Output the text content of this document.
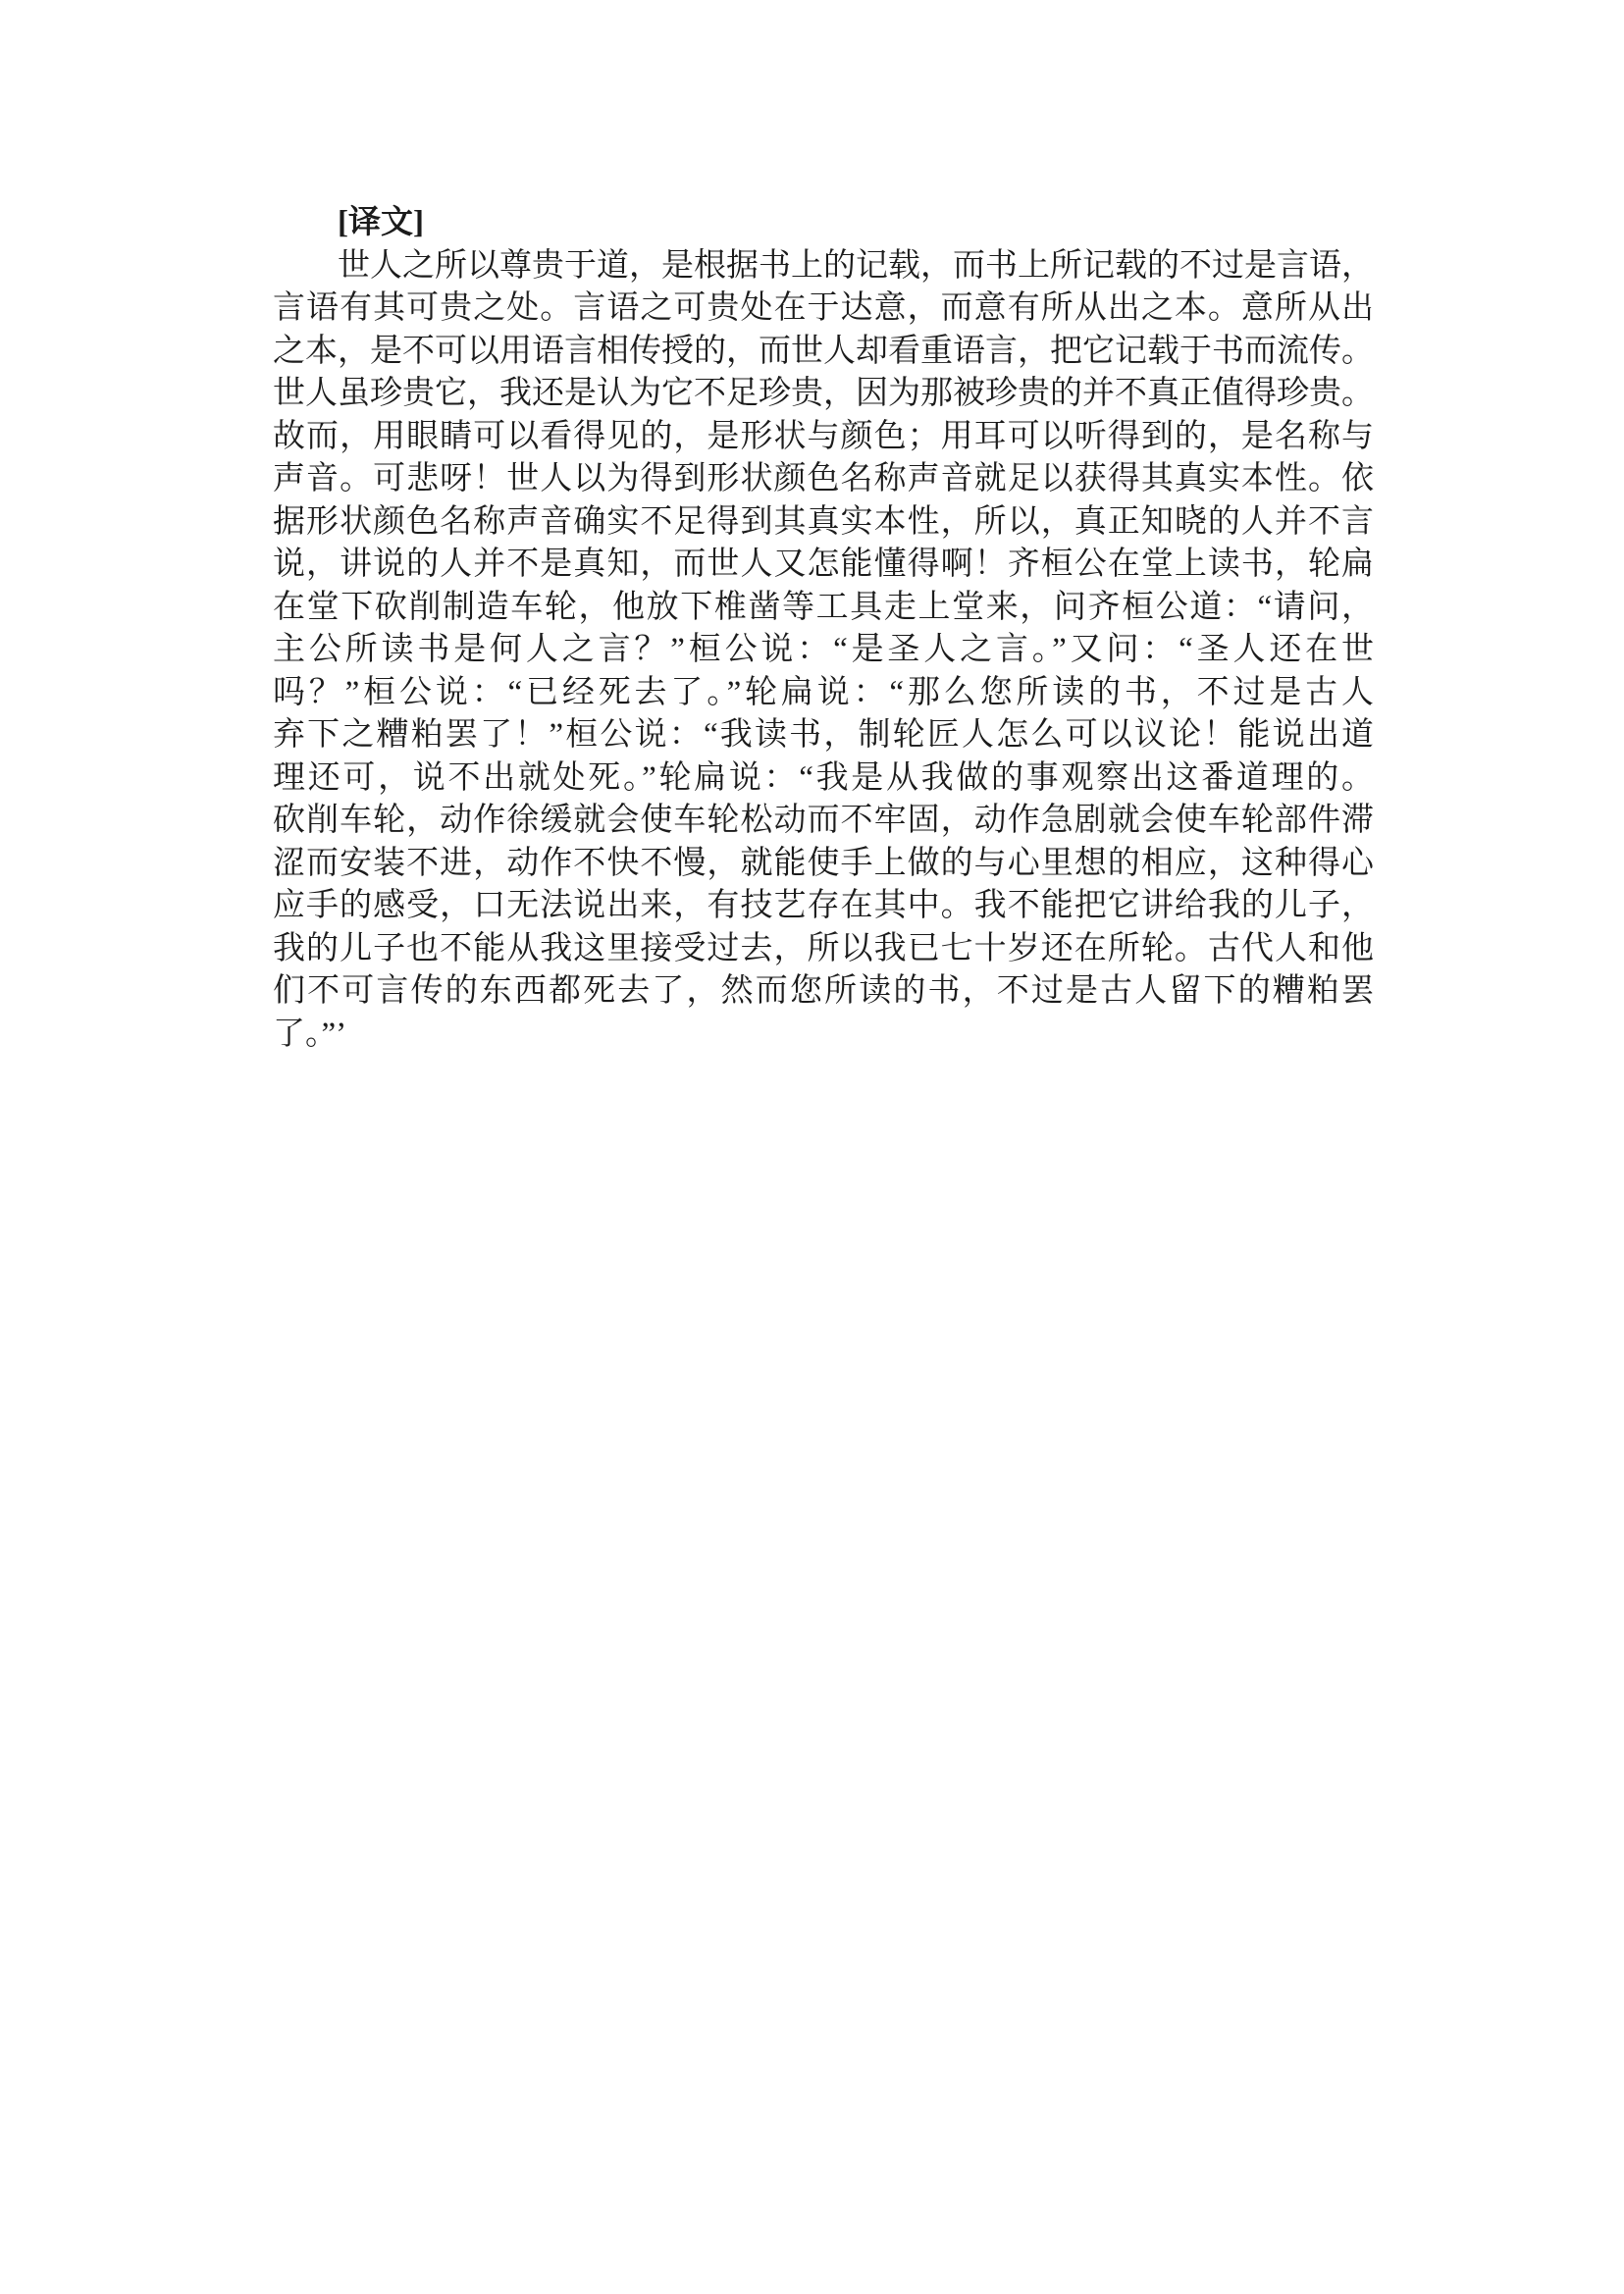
[译文]
世人之所以尊贵于道，是根据书上的记载，而书上所记载的不过是言语，
言语有其可贵之处。言语之可贵处在于达意，而意有所从出之本。意所从出
之本，是不可以用语言相传授的，而世人却看重语言，把它记载于书而流传。
世人虽珍贵它，我还是认为它不足珍贵，因为那被珍贵的并不真正值得珍贵。
故而，用眼睛可以看得见的，是形状与颜色；用耳可以听得到的，是名称与
声音。可悲呀！世人以为得到形状颜色名称声音就足以获得其真实本性。依
据形状颜色名称声音确实不足得到其真实本性，所以，真正知晓的人并不言
说，讲说的人并不是真知，而世人又怎能懂得啊！齐桓公在堂上读书，轮扁
在堂下砍削制造车轮，他放下椎凿等工具走上堂来，问齐桓公道：“请问，
主公所读书是何人之言？”桓公说：“是圣人之言。”又问：“圣人还在世
吗？”桓公说：“已经死去了。”轮扁说：“那么您所读的书，不过是古人
弃下之糟粕罢了！”桓公说：“我读书，制轮匠人怎么可以议论！能说出道
理还可，说不出就处死。”轮扁说：“我是从我做的事观察出这番道理的。
砍削车轮，动作徐缓就会使车轮松动而不牢固，动作急剧就会使车轮部件滞
涩而安装不进，动作不快不慢，就能使手上做的与心里想的相应，这种得心
应手的感受，口无法说出来，有技艺存在其中。我不能把它讲给我的儿子，
我的儿子也不能从我这里接受过去，所以我已七十岁还在所轮。古代人和他
们不可言传的东西都死去了，然而您所读的书，不过是古人留下的糟粕罢
了。”’
